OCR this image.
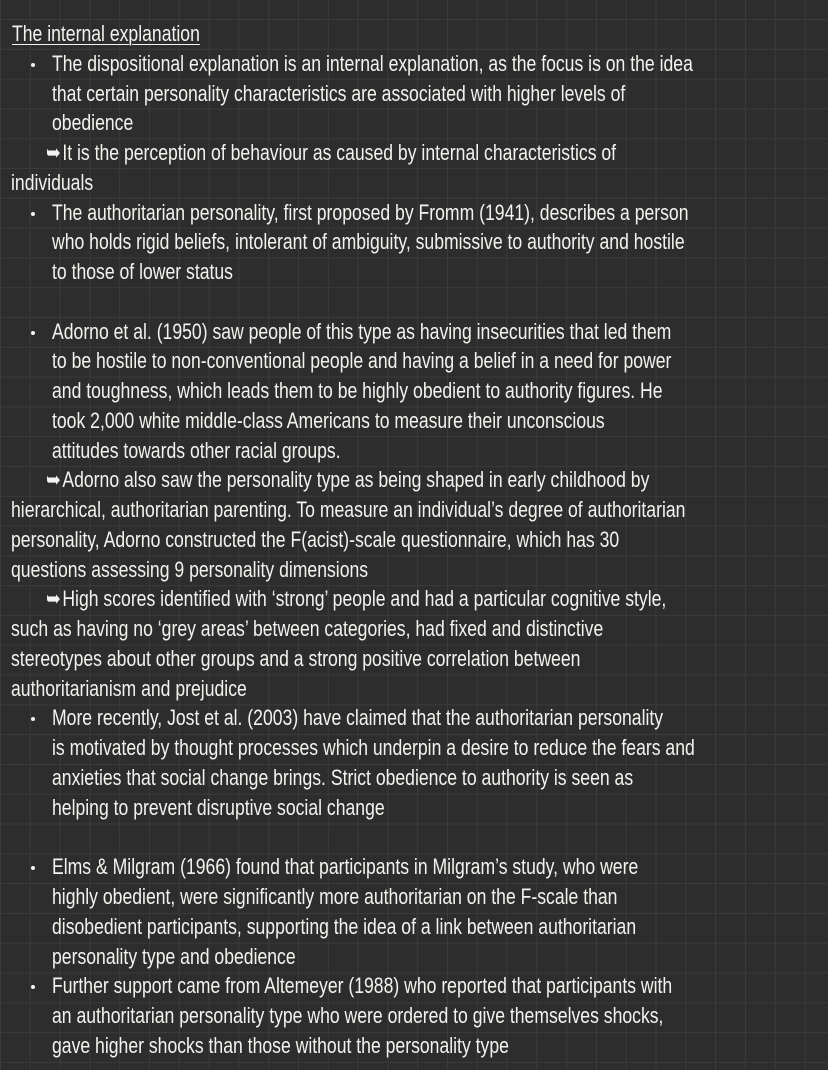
The internal explanation
The dispositional explanation is an internal explanation, as the focus is on the idea
that certain personality characteristics are associated with higher levels of
obedience
➥It is the perception of behaviour as caused by internal characteristics of
individuals
The authoritarian personality, first proposed by Fromm (1941), describes a person
who holds rigid beliefs, intolerant of ambiguity, submissive to authority and hostile
to those of lower status
Adorno et al. (1950) saw people of this type as having insecurities that led them
to be hostile to non-conventional people and having a belief in a need for power
and toughness, which leads them to be highly obedient to authority figures. He
took 2,000 white middle-class Americans to measure their unconscious
attitudes towards other racial groups.
➥Adorno also saw the personality type as being shaped in early childhood by
hierarchical, authoritarian parenting. To measure an individual’s degree of authoritarian
personality, Adorno constructed the F(acist)-scale questionnaire, which has 30
questions assessing 9 personality dimensions
➥High scores identified with ‘strong’ people and had a particular cognitive style,
such as having no ‘grey areas’ between categories, had fixed and distinctive
stereotypes about other groups and a strong positive correlation between
authoritarianism and prejudice
More recently, Jost et al. (2003) have claimed that the authoritarian personality
is motivated by thought processes which underpin a desire to reduce the fears and
anxieties that social change brings. Strict obedience to authority is seen as
helping to prevent disruptive social change
Elms & Milgram (1966) found that participants in Milgram’s study, who were
highly obedient, were significantly more authoritarian on the F-scale than
disobedient participants, supporting the idea of a link between authoritarian
personality type and obedience
Further support came from Altemeyer (1988) who reported that participants with
an authoritarian personality type who were ordered to give themselves shocks,
gave higher shocks than those without the personality type
